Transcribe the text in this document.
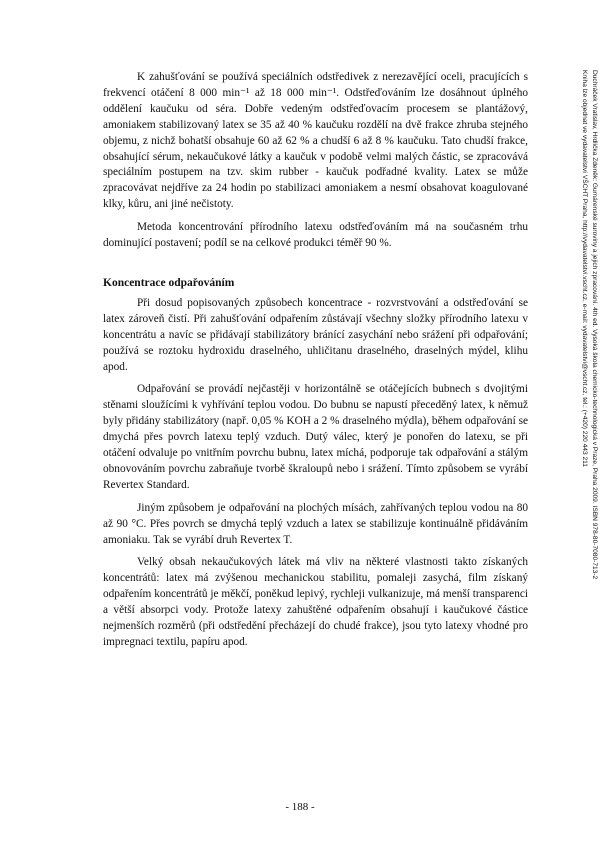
K zahušťování se používá speciálních odstředivek z nerezavějící oceli, pracujících s frekvencí otáčení 8 000 min⁻¹ až 18 000 min⁻¹. Odstřeďováním lze dosáhnout úplného oddělení kaučuku od séra. Dobře vedeným odstřeďovacím procesem se plantážový, amoniakem stabilizovaný latex se 35 až 40 % kaučuku rozdělí na dvě frakce zhruba stejného objemu, z nichž bohatší obsahuje 60 až 62 % a chudší 6 až 8 % kaučuku. Tato chudší frakce, obsahující sérum, nekaučukové látky a kaučuk v podobě velmi malých částic, se zpracovává speciálním postupem na tzv. skim rubber - kaučuk podřadné kvality. Latex se může zpracovávat nejdříve za 24 hodin po stabilizaci amoniakem a nesmí obsahovat koagulované klky, kůru, ani jiné nečistoty.

Metoda koncentrování přírodního latexu odstřeďováním má na současném trhu dominující postavení; podíl se na celkové produkci téměř 90 %.

Koncentrace odpařováním

Při dosud popisovaných způsobech koncentrace - rozvrstvování a odstřeďování se latex zároveň čistí. Při zahušťování odpařením zůstávají všechny složky přírodního latexu v koncentrátu a navíc se přidávají stabilizátory bránící zasychání nebo srážení při odpařování; používá se roztoku hydroxidu draselného, uhličitanu draselného, draselných mýdel, klihu apod.

Odpařování se provádí nejčastěji v horizontálně se otáčejících bubnech s dvojitými stěnami sloužícími k vyhřívání teplou vodou. Do bubnu se napustí přeceděný latex, k němuž byly přidány stabilizátory (např. 0,05 % KOH a 2 % draselného mýdla), během odpařování se dmychá přes povrch latexu teplý vzduch. Dutý válec, který je ponořen do latexu, se při otáčení odvaluje po vnitřním povrchu bubnu, latex míchá, podporuje tak odpařování a stálým obnovováním povrchu zabraňuje tvorbě škraloupů nebo i srážení. Tímto způsobem se vyrábí Revertex Standard.

Jiným způsobem je odpařování na plochých mísách, zahřívaných teplou vodou na 80 až 90 °C. Přes povrch se dmychá teplý vzduch a latex se stabilizuje kontinuálně přidáváním amoniaku. Tak se vyrábí druh Revertex T.

Velký obsah nekaučukových látek má vliv na některé vlastnosti takto získaných koncentrátů: latex má zvýšenou mechanickou stabilitu, pomaleji zasychá, film získaný odpařením koncentrátů je měkčí, poněkud lepivý, rychleji vulkanizuje, má menší transparenci a větší absorpci vody. Protože latexy zahuštěné odpařením obsahují i kaučukové částice nejmenších rozměrů (při odstředění přecházejí do chudé frakce), jsou tyto latexy vhodné pro impregnaci textilu, papíru apod.

Duchráček Vratislav, Hrdlička Zdeněk: Gumárenské suroviny a jejich zpracování. 4th ed. Vysoká škola chemicko-technologická v Praze, Praha 2009. ISBN 978-80-7080-713-2
Kniha lze objednat ve vydavatelství VŠCHT Praha, http://vydavatelstvi.vscht.cz, e-mail: vydavatelstvi@vscht.cz, tel.: (+420) 220 443 211
- 188 -
